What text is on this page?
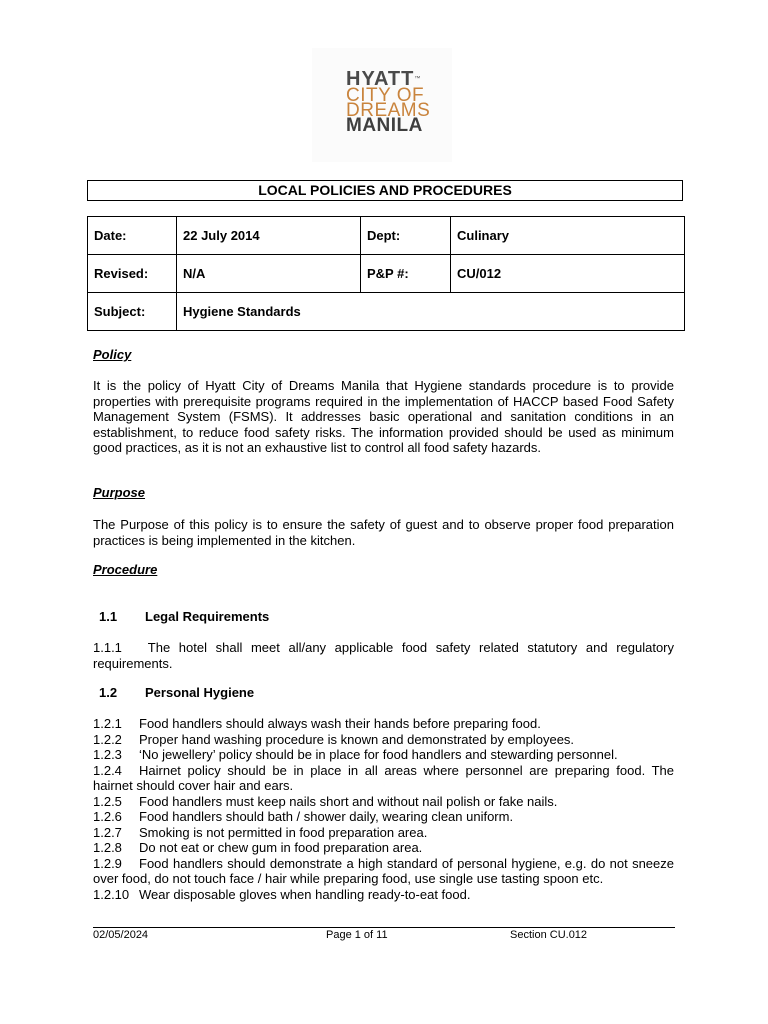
HYATT™
CITY OF
DREAMS
MANILA
LOCAL POLICIES AND PROCEDURES
Date:	22 July 2014	Dept:	Culinary
Revised:	N/A	P&P #:	CU/012
Subject:	Hygiene Standards		
Policy
It is the policy of Hyatt City of Dreams Manila that Hygiene standards procedure is to provide properties with prerequisite programs required in the implementation of HACCP based Food Safety Management System (FSMS). It addresses basic operational and sanitation conditions in an establishment, to reduce food safety risks. The information provided should be used as minimum good practices, as it is not an exhaustive list to control all food safety hazards.
Purpose
The Purpose of this policy is to ensure the safety of guest and to observe proper food preparation practices is being implemented in the kitchen.
Procedure
1.1 Legal Requirements
1.1.1 The hotel shall meet all/any applicable food safety related statutory and regulatory requirements.
1.2 Personal Hygiene
1.2.1 Food handlers should always wash their hands before preparing food.
1.2.2 Proper hand washing procedure is known and demonstrated by employees.
1.2.3 ‘No jewellery’ policy should be in place for food handlers and stewarding personnel.
1.2.4 Hairnet policy should be in place in all areas where personnel are preparing food. The hairnet should cover hair and ears.
1.2.5 Food handlers must keep nails short and without nail polish or fake nails.
1.2.6 Food handlers should bath / shower daily, wearing clean uniform.
1.2.7 Smoking is not permitted in food preparation area.
1.2.8 Do not eat or chew gum in food preparation area.
1.2.9 Food handlers should demonstrate a high standard of personal hygiene, e.g. do not sneeze over food, do not touch face / hair while preparing food, use single use tasting spoon etc.
1.2.10 Wear disposable gloves when handling ready-to-eat food.
02/05/2024	Page 1 of 11	Section CU.012
